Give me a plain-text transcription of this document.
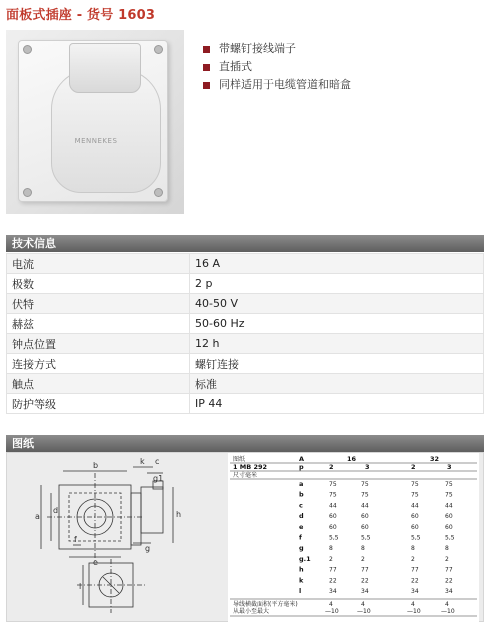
面板式插座 - 货号 1603
MENNEKES
带螺钉接线端子
直插式
同样适用于电缆管道和暗盒
技术信息
电流	16 A
极数	2 p
伏特	40-50 V
赫兹	50-60 Hz
钟点位置	12 h
连接方式	螺钉连接
触点	标准
防护等级	IP 44
图纸
b	k c
g1
a
d
e
f
g
h
l
图纸	A	16	32
1 MB 292	p	2	3	2	3
尺寸毫米
a	75	75	75	75
b	75	75	75	75
c	44	44	44	44
d	60	60	60	60
e	60	60	60	60
f	5,5	5,5	5,5	5,5
g	8	8	8	8
g.1	2	2	2	2
h	77	77	77	77
k	22	22	22	22
l	34	34	34	34
导线横截面积(平方毫米)	4	4	4	4
从最小至最大	—10	—10	—10	—10
